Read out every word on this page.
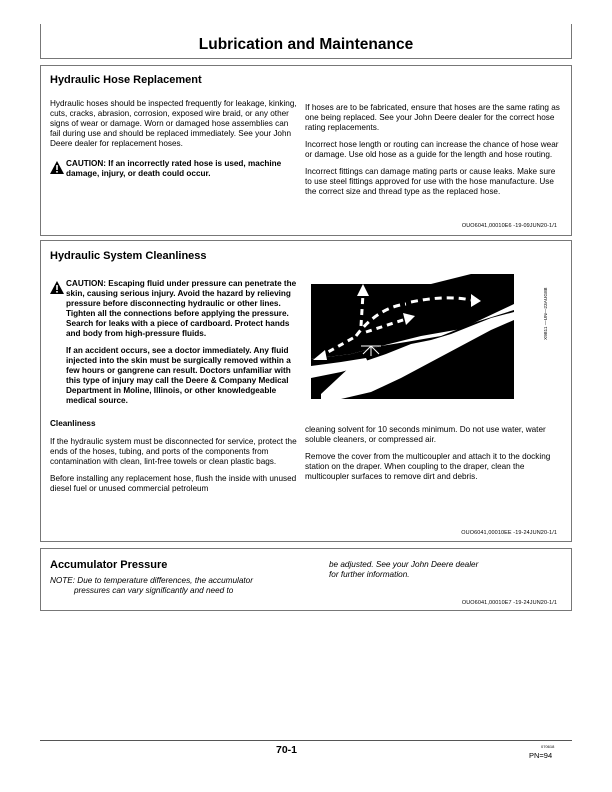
Lubrication and Maintenance
Hydraulic Hose Replacement

Hydraulic hoses should be inspected frequently for leakage, kinking, cuts, cracks, abrasion, corrosion, exposed wire braid, or any other signs of wear or damage. Worn or damaged hose assemblies can fail during use and should be replaced immediately. See your John Deere dealer for replacement hoses.

CAUTION: If an incorrectly rated hose is used, machine damage, injury, or death could occur.

If hoses are to be fabricated, ensure that hoses are the same rating as one being replaced. See your John Deere dealer for the correct hose rating replacements.

Incorrect hose length or routing can increase the chance of hose wear or damage. Use old hose as a guide for the length and hose routing.

Incorrect fittings can damage mating parts or cause leaks. Make sure to use steel fittings approved for use with the hose manufacture. Use the correct size and thread type as the replaced hose.

OUO6041,00010E6 -19-09JUN20-1/1
Hydraulic System Cleanliness

CAUTION: Escaping fluid under pressure can penetrate the skin, causing serious injury. Avoid the hazard by relieving pressure before disconnecting hydraulic or other lines. Tighten all the connections before applying the pressure. Search for leaks with a piece of cardboard. Protect hands and body from high-pressure fluids.

If an accident occurs, see a doctor immediately. Any fluid injected into the skin must be surgically removed within a few hours or gangrene can result. Doctors unfamiliar with this type of injury may call the Deere & Company Medical Department in Moline, Illinois, or other knowledgeable medical source.

Cleanliness

If the hydraulic system must be disconnected for service, protect the ends of the hoses, tubing, and ports of the components from contamination with clean, lint-free towels or clean plastic bags.

Before installing any replacement hose, flush the inside with unused diesel fuel or unused commercial petroleum

cleaning solvent for 10 seconds minimum. Do not use water, water soluble cleaners, or compressed air.

Remove the cover from the multicoupler and attach it to the docking station on the draper. When coupling to the draper, clean the multicoupler surfaces to remove dirt and debris.

OUO6041,00010EE -19-24JUN20-1/1
X9811 —UN—23AUG88
Accumulator Pressure
NOTE: Due to temperature differences, the accumulator
pressures can vary significantly and need to
be adjusted. See your John Deere dealer
for further information.
OUO6041,00010E7 -19-24JUN20-1/1
70-1	070618
PN=94
